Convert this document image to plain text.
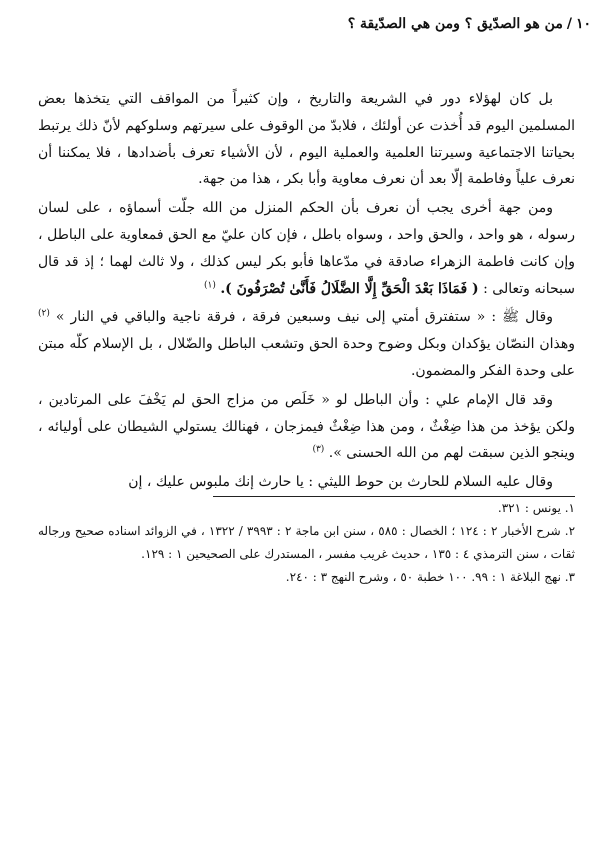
١٠
/
من هو الصدّيق ؟ ومن هي الصدّيقة ؟

بل كان لهؤلاء دور في الشريعة والتاريخ ، وإن كثيراً من المواقف التي يتخذها بعض المسلمين اليوم قد أُخذت عن أولئك ، فلابدّ من الوقوف على سيرتهم وسلوكهم لأنّ ذلك يرتبط بحياتنا الاجتماعية وسيرتنا العلمية والعملية اليوم ، لأن الأشياء تعرف بأضدادها ، فلا يمكننا أن نعرف علياً وفاطمة إلّا بعد أن نعرف معاوية وأبا بكر ، هذا من جهة.

ومن جهة أخرى يجب أن نعرف بأن الحكم المنزل من الله جلّت أسماؤه ، على لسان رسوله ، هو واحد ، والحق واحد ، وسواه باطل ، فإن كان عليّ مع الحق فمعاوية على الباطل ، وإن كانت فاطمة الزهراء صادقة في مدّعاها فأبو بكر ليس كذلك ، ولا ثالث لهما ؛ إذ قد قال سبحانه وتعالى : ( فَمَاذَا بَعْدَ الْحَقِّ إِلَّا الضَّلَالُ فَأَنَّىٰ تُصْرَفُونَ ). $^{(١)}$

وقال ﷺ : « ستفترق أمتي إلى نيف وسبعين فرقة ، فرقة ناجية والباقي في النار » $^{(٢)}$ وهذان النصّان يؤكدان وبكل وضوح وحدة الحق وتشعب الباطل والضّلال ، بل الإسلام كلّه مبتن على وحدة الفكر والمضمون.

وقد قال الإمام علي : وأن الباطل لو « خَلَص من مزاج الحق لم يَخْفَ على المرتادين ، ولكن يؤخذ من هذا ضِغْثٌ ، ومن هذا ضِغْثٌ فيمزجان ، فهنالك يستولي الشيطان على أوليائه ، وينجو الذين سبقت لهم من الله الحسنى ». $^{(٣)}$

وقال عليه السلام للحارث بن حوط الليثي : يا حارث إنك ملبوس عليك ، إن

١. يونس : ٣٢١.

٢. شرح الأخبار ٢ : ١٢٤ ؛ الخصال : ٥٨٥ ، سنن ابن ماجة ٢ : ٣٩٩٣ / ١٣٢٢ ، في الزوائد اسناده صحيح ورجاله ثقات ، سنن الترمذي ٤ : ١٣٥ ، حديث غريب مفسر ، المستدرك على الصحيحين ١ : ١٢٩.

٣. نهج البلاغة ١ : ٩٩. ١٠٠ خطبة ٥٠ ، وشرح النهج ٣ : ٢٤٠.
